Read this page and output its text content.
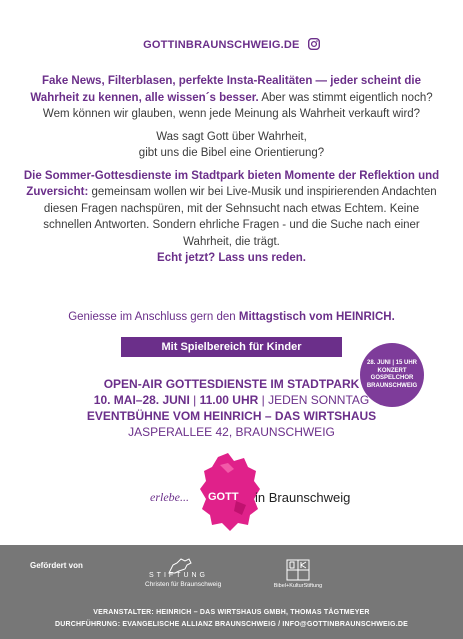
GOTTINBRAUNSCHWEIG.DE

Fake News, Filterblasen, perfekte Insta-Realitäten — jeder scheint die Wahrheit zu kennen, alle wissen´s besser. Aber was stimmt eigentlich noch? Wem können wir glauben, wenn jede Meinung als Wahrheit verkauft wird?

Was sagt Gott über Wahrheit,
gibt uns die Bibel eine Orientierung?

Die Sommer-Gottesdienste im Stadtpark bieten Momente der Reflektion und Zuversicht: gemeinsam wollen wir bei Live-Musik und inspirierenden Andachten diesen Fragen nachspüren, mit der Sehnsucht nach etwas Echtem. Keine schnellen Antworten. Sondern ehrliche Fragen - und die Suche nach einer Wahrheit, die trägt.
Echt jetzt? Lass uns reden.

Geniesse im Anschluss gern den Mittagstisch vom HEINRICH.
Mit Spielbereich für Kinder
28. JUNI | 15 UHR
KONZERT
GOSPELCHOR
BRAUNSCHWEIG
OPEN-AIR GOTTESDIENSTE IM STADTPARK
10. MAI–28. JUNI | 11.00 UHR | JEDEN SONNTAG
EVENTBÜHNE VOM HEINRICH – DAS WIRTSHAUS
JASPERALLEE 42, BRAUNSCHWEIG
erlebe... GOTT in Braunschweig
Gefördert von
STIFTUNG
Christen für Braunschweig	Bibel+KulturStiftung
VERANSTALTER: HEINRICH – DAS WIRTSHAUS GMBH, THOMAS TÄGTMEYER
DURCHFÜHRUNG: EVANGELISCHE ALLIANZ BRAUNSCHWEIG / INFO@GOTTINBRAUNSCHWEIG.DE
